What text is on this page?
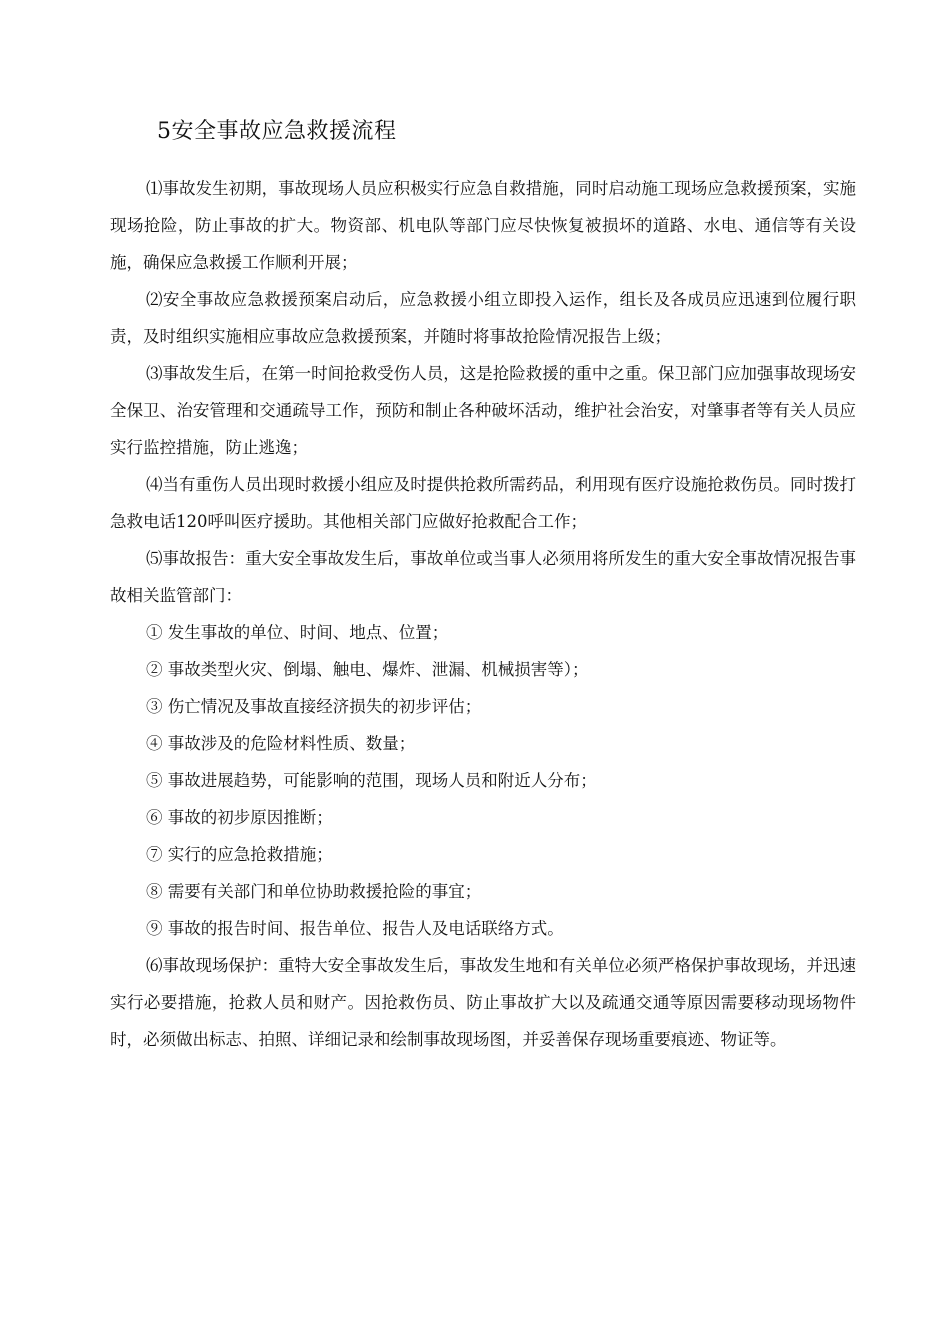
5安全事故应急救援流程

⑴事故发生初期，事故现场人员应积极实行应急自救措施，同时启动施工现场应急救援预案，实施现场抢险，防止事故的扩大。物资部、机电队等部门应尽快恢复被损坏的道路、水电、通信等有关设施，确保应急救援工作顺利开展；

⑵安全事故应急救援预案启动后，应急救援小组立即投入运作，组长及各成员应迅速到位履行职责，及时组织实施相应事故应急救援预案，并随时将事故抢险情况报告上级；

⑶事故发生后，在第一时间抢救受伤人员，这是抢险救援的重中之重。保卫部门应加强事故现场安全保卫、治安管理和交通疏导工作，预防和制止各种破坏活动，维护社会治安，对肇事者等有关人员应实行监控措施，防止逃逸；

⑷当有重伤人员出现时救援小组应及时提供抢救所需药品，利用现有医疗设施抢救伤员。同时拨打急救电话120呼叫医疗援助。其他相关部门应做好抢救配合工作；

⑸事故报告：重大安全事故发生后，事故单位或当事人必须用将所发生的重大安全事故情况报告事故相关监管部门：

① 发生事故的单位、时间、地点、位置；

② 事故类型火灾、倒塌、触电、爆炸、泄漏、机械损害等）；

③ 伤亡情况及事故直接经济损失的初步评估；

④ 事故涉及的危险材料性质、数量；

⑤ 事故进展趋势，可能影响的范围，现场人员和附近人分布；

⑥ 事故的初步原因推断；

⑦ 实行的应急抢救措施；

⑧ 需要有关部门和单位协助救援抢险的事宜；

⑨ 事故的报告时间、报告单位、报告人及电话联络方式。

⑹事故现场保护：重特大安全事故发生后，事故发生地和有关单位必须严格保护事故现场，并迅速实行必要措施，抢救人员和财产。因抢救伤员、防止事故扩大以及疏通交通等原因需要移动现场物件时，必须做出标志、拍照、详细记录和绘制事故现场图，并妥善保存现场重要痕迹、物证等。
